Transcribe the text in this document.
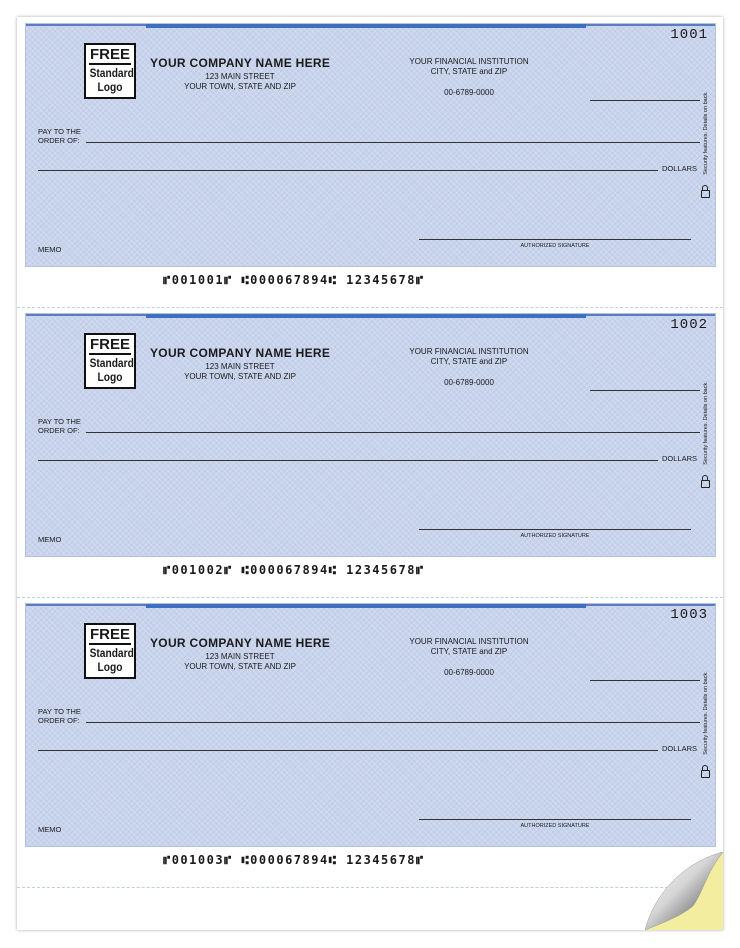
1001
FREE
Standard
Logo
YOUR COMPANY NAME HERE
123 MAIN STREET
YOUR TOWN, STATE AND ZIP
YOUR FINANCIAL INSTITUTION
CITY, STATE and ZIP
00-6789-0000
PAY TO THE
ORDER OF:
DOLLARS Security features. Details on back.
AUTHORIZED SIGNATURE
MEMO
⑈001001⑈ ⑆000067894⑆ 12345678⑈
1002
FREE
Standard
Logo
YOUR COMPANY NAME HERE
123 MAIN STREET
YOUR TOWN, STATE AND ZIP
YOUR FINANCIAL INSTITUTION
CITY, STATE and ZIP
00-6789-0000
PAY TO THE
ORDER OF:
DOLLARS Security features. Details on back.
AUTHORIZED SIGNATURE
MEMO
⑈001002⑈ ⑆000067894⑆ 12345678⑈
1003
FREE
Standard
Logo
YOUR COMPANY NAME HERE
123 MAIN STREET
YOUR TOWN, STATE AND ZIP
YOUR FINANCIAL INSTITUTION
CITY, STATE and ZIP
00-6789-0000
PAY TO THE
ORDER OF:
DOLLARS Security features. Details on back.
AUTHORIZED SIGNATURE
MEMO
⑈001003⑈ ⑆000067894⑆ 12345678⑈
